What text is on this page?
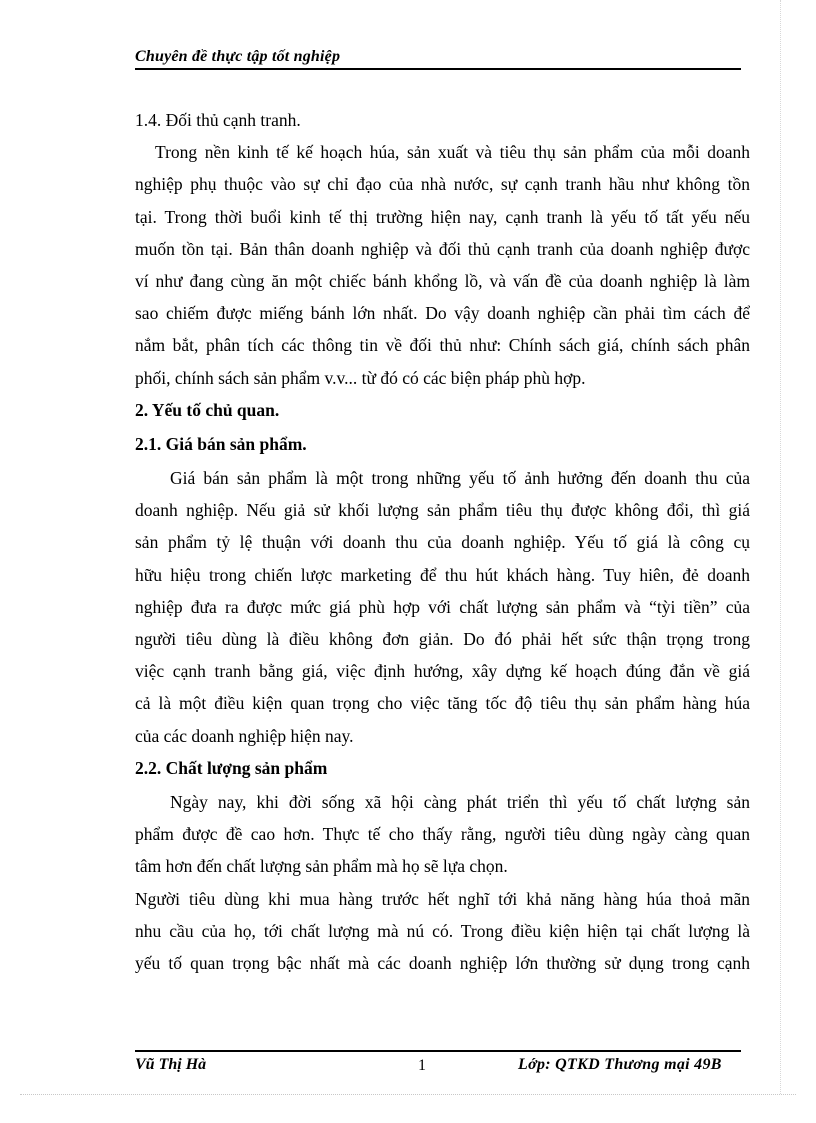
Chuyên đề thực tập tốt nghiệp
1.4. Đối thủ cạnh tranh.
Trong nền kinh tế kế hoạch húa, sản xuất và tiêu thụ sản phẩm của mỗi doanh
nghiệp phụ thuộc vào sự chỉ đạo của nhà nước, sự cạnh tranh hầu như không tồn
tại. Trong thời buổi kinh tế thị trường hiện nay, cạnh tranh là yếu tố tất yếu nếu
muốn tồn tại. Bản thân doanh nghiệp và đối thủ cạnh tranh của doanh nghiệp được
ví như đang cùng ăn một chiếc bánh khổng lồ, và vấn đề của doanh nghiệp là làm
sao chiếm được miếng bánh lớn nhất. Do vậy doanh nghiệp cần phải tìm cách để
nắm bắt, phân tích các thông tin về đối thủ như: Chính sách giá, chính sách phân
phối, chính sách sản phẩm v.v... từ đó có các biện pháp phù hợp.
2. Yếu tố chủ quan.
2.1. Giá bán sản phẩm.
Giá bán sản phẩm là một trong những yếu tố ảnh hưởng đến doanh thu của
doanh nghiệp. Nếu giả sử khối lượng sản phẩm tiêu thụ được không đổi, thì giá
sản phẩm tỷ lệ thuận với doanh thu của doanh nghiệp. Yếu tố giá là công cụ
hữu hiệu trong chiến lược marketing để thu hút khách hàng. Tuy hiên, đẻ doanh
nghiệp đưa ra được mức giá phù hợp với chất lượng sản phẩm và “tỳi tiền” của
người tiêu dùng là điều không đơn giản. Do đó phải hết sức thận trọng trong
việc cạnh tranh bằng giá, việc định hướng, xây dựng kế hoạch đúng đắn về giá
cả là một điều kiện quan trọng cho việc tăng tốc độ tiêu thụ sản phẩm hàng húa
của các doanh nghiệp hiện nay.
2.2. Chất lượng sản phẩm
Ngày nay, khi đời sống xã hội càng phát triển thì yếu tố chất lượng sản
phẩm được đề cao hơn. Thực tế cho thấy rằng, người tiêu dùng ngày càng quan
tâm hơn đến chất lượng sản phẩm mà họ sẽ lựa chọn.
Người tiêu dùng khi mua hàng trước hết nghĩ tới khả năng hàng húa thoả mãn
nhu cầu của họ, tới chất lượng mà nú có. Trong điều kiện hiện tại chất lượng là
yếu tố quan trọng bậc nhất mà các doanh nghiệp lớn thường sử dụng trong cạnh
Vũ Thị Hà	1	Lớp: QTKD Thương mại 49B
